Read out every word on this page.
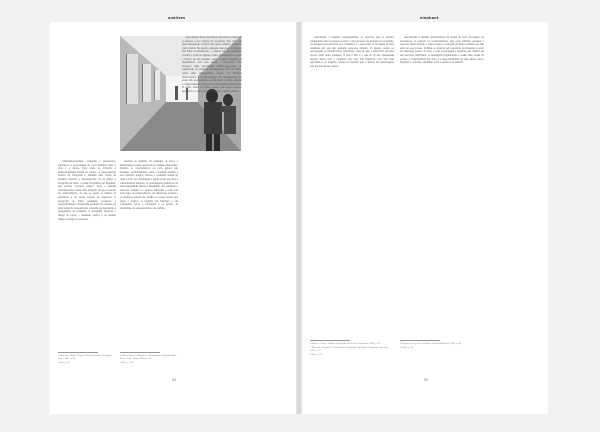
análises	elephant

complementaridade, conforme a perspectiva, entende-se a necessidade do tocar humano entre a vida e a morte. Esta visão do Exército é temporariamente fixada no tempo. A representação através da fotografia é também uma forma de permitir conectar o desconhecido. Se no tempo a fotografia de Elias, o poder fotográfico de Elephant, que profere "retratos, muito". Para o homem contemporâneo existe uma sensação de que é preciso de conhecimento, de que se expõe os limites da existência e há várias formas de expressar. A fotografia de Elias permitem recuperar a sustentabilidade e identidade perdidas. No entanto, há uma forma de interpretação contrária da destruição e apagamento da memória. A fotografia expressa o desejo de captar a realidade, aberta, e ao mesmo tempo nostalgia do passado.

tenciam ao domínio do feminino. A força, a integridade e poder pertencem ao domínio masculino. Quando as características de cada gênero são abaladas, profundamente, então o homem assume a sua condição trágica. Tem-se a confusão sexual de Alex e Eric. Ao assumirem o papel social que lhes é culturalmente imposto, os personagens perdem-se de uma integridade sexual e identitária. Na realidade o universo variante é o próprio indivíduo e como um todo lugar de transformação. As diferenças sexuais e os modelos entram em conflito e é nessa tensão que surge o trágico. A tragédia em Elephant é um comentário sobre a juventude e as formas de identidade, de representação e de conflito.

que emerge desta experiência não mais só integrará os mortos e nos valores da sociedade, mas sim com uma imensidade sociável que quase sempre, terminará com a morte. No quarto, enquanto Alex toca ao piano o Für Elise de Beethoven, a câmera faz um panorama circular e volta ao mesmo ponto, apresentando o preto e branco de um elefante. Alex, a quem ninguém dá importância, está sem planos e massacres. Não interessa uma abordagem didático-moralista do significado da tragédia em Elephant. Em vez disso, sobre uma ambiguidade latente ou diálogos improvisados e os personagens são interpretados por atores não profissionais reproduzindo no filme atitudes e comportamentos típicos dos adolescentes americanos. O estilo visual do filme assenta em longos planos-sequência e o espectador é impelido a sentir a tensão.

2 Maffesoli, Michel. Elogio da Razão Sensível. Petrópolis: Vozes, 2005, p. 38.

3 Ibid., p. 41.

4 Morin, Edgar. O Método 5: A Humanidade da Humanidade. Porto Alegre: Sulina, 2003, p. 114.

5 Ibid., p. 120.

entendendo a tragédia contemporânea, os aspectos que os estudos evidenciam entre os fatores sociais a cada processo de inserção na sociedade. As imagens parecem falar por si mesmas e o espectador se vê diante de uma realidade em que não existem respostas simples. O mundo assim, os personagens se movem entre corredores, salas de aula e refeitórios em uma escola como outra qualquer. O que é dito e o que se vê não apresentam relação direta com a violência que virá. Em Elephant, Gus Van Sant aproxima-se da tragédia clássica ao mostrar que o destino dos personagens está traçado desde o início.

desordenado e distinto, perturbadores da ordem do todo. Os tempos de reconhecer, ao explicar os acontecimentos, mas pode tambem construir a resposta. Neste sentido, a culpa tragica é a imagem de uma sociedade que não sabe ver seus jovens. O filme se constrói pela repetição de situações a partir de diferentes pontos de vista, e cada personagem é seguido pela câmera em seu percurso individual. A montagem fragmentada é assim uma forma de revelar a complexidade dos fatos e a impossibilidade de uma leitura única. Elephant é, portanto, um filme sobre a ausência de sentido.

6 Steiner, George. A Morte da Tragédia. São Paulo: Perspectiva, 2006, p. 19.

7 Nietzsche, Friedrich. O Nascimento da Tragédia. São Paulo: Companhia das Letras, 1992, p. 52.

8 Ibid., p. 61.

9 Eagleton, Terry. Sweet Violence. Oxford: Blackwell, 2003, p. 46.

10 Ibid., p. 58.

94	95
